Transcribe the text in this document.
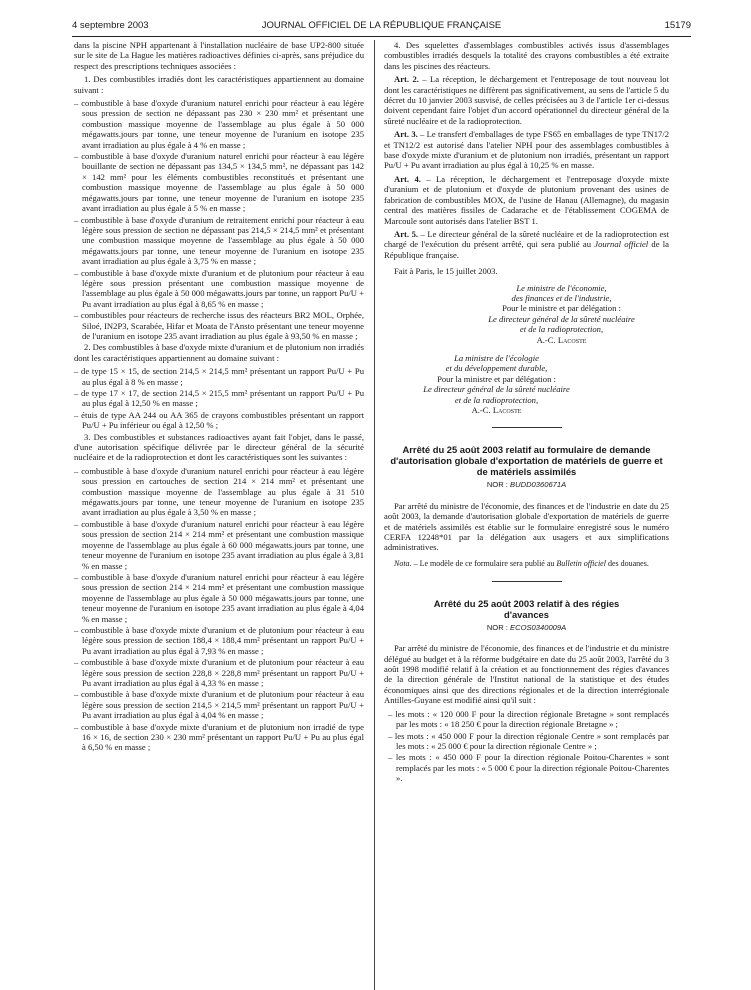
4 septembre 2003	JOURNAL OFFICIEL DE LA RÉPUBLIQUE FRANÇAISE	15179

dans la piscine NPH appartenant à l'installation nucléaire de base UP2-800 située sur le site de La Hague les matières radioactives définies ci-après, sans préjudice du respect des prescriptions techniques associées :

1. Des combustibles irradiés dont les caractéristiques appartiennent au domaine suivant :

– combustible à base d'oxyde d'uranium naturel enrichi pour réacteur à eau légère sous pression de section ne dépassant pas 230 × 230 mm² et présentant une combustion massique moyenne de l'assemblage au plus égale à 50 000 mégawatts.jours par tonne, une teneur moyenne de l'uranium en isotope 235 avant irradiation au plus égale à 4 % en masse ;
– combustible à base d'oxyde d'uranium naturel enrichi pour réacteur à eau légère bouillante de section ne dépassant pas 134,5 × 134,5 mm², ne dépassant pas 142 × 142 mm² pour les éléments combustibles reconstitués et présentant une combustion massique moyenne de l'assemblage au plus égale à 50 000 mégawatts.jours par tonne, une teneur moyenne de l'uranium en isotope 235 avant irradiation au plus égale à 5 % en masse ;
– combustible à base d'oxyde d'uranium de retraitement enrichi pour réacteur à eau légère sous pression de section ne dépassant pas 214,5 × 214,5 mm² et présentant une combustion massique moyenne de l'assemblage au plus égale à 50 000 mégawatts.jours par tonne, une teneur moyenne de l'uranium en isotope 235 avant irradiation au plus égale à 3,75 % en masse ;
– combustible à base d'oxyde mixte d'uranium et de plutonium pour réacteur à eau légère sous pression présentant une combustion massique moyenne de l'assemblage au plus égale à 50 000 mégawatts.jours par tonne, un rapport Pu/U + Pu avant irradiation au plus égal à 8,65 % en masse ;
– combustibles pour réacteurs de recherche issus des réacteurs BR2 MOL, Orphée, Siloé, IN2P3, Scarabée, Hifar et Moata de l'Ansto présentant une teneur moyenne de l'uranium en isotope 235 avant irradiation au plus égale à 93,50 % en masse ;

2. Des combustibles à base d'oxyde mixte d'uranium et de plutonium non irradiés dont les caractéristiques appartiennent au domaine suivant :

– de type 15 × 15, de section 214,5 × 214,5 mm² présentant un rapport Pu/U + Pu au plus égal à 8 % en masse ;
– de type 17 × 17, de section 214,5 × 215,5 mm² présentant un rapport Pu/U + Pu au plus égal à 12,50 % en masse ;
– étuis de type AA 244 ou AA 365 de crayons combustibles présentant un rapport Pu/U + Pu inférieur ou égal à 12,50 % ;

3. Des combustibles et substances radioactives ayant fait l'objet, dans le passé, d'une autorisation spécifique délivrée par le directeur général de la sécurité nucléaire et de la radioprotection et dont les caractéristiques sont les suivantes :

– combustible à base d'oxyde d'uranium naturel enrichi pour réacteur à eau légère sous pression en cartouches de section 214 × 214 mm² et présentant une combustion massique moyenne de l'assemblage au plus égale à 31 510 mégawatts.jours par tonne, une teneur moyenne de l'uranium en isotope 235 avant irradiation au plus égale à 3,50 % en masse ;
– combustible à base d'oxyde d'uranium naturel enrichi pour réacteur à eau légère sous pression de section 214 × 214 mm² et présentant une combustion massique moyenne de l'assemblage au plus égale à 60 000 mégawatts.jours par tonne, une teneur moyenne de l'uranium en isotope 235 avant irradiation au plus égale à 3,81 % en masse ;
– combustible à base d'oxyde d'uranium naturel enrichi pour réacteur à eau légère sous pression de section 214 × 214 mm² et présentant une combustion massique moyenne de l'assemblage au plus égale à 50 000 mégawatts.jours par tonne, une teneur moyenne de l'uranium en isotope 235 avant irradiation au plus égale à 4,04 % en masse ;
– combustible à base d'oxyde mixte d'uranium et de plutonium pour réacteur à eau légère sous pression de section 188,4 × 188,4 mm² présentant un rapport Pu/U + Pu avant irradiation au plus égal à 7,93 % en masse ;
– combustible à base d'oxyde mixte d'uranium et de plutonium pour réacteur à eau légère sous pression de section 228,8 × 228,8 mm² présentant un rapport Pu/U + Pu avant irradiation au plus égal à 4,33 % en masse ;
– combustible à base d'oxyde mixte d'uranium et de plutonium pour réacteur à eau légère sous pression de section 214,5 × 214,5 mm² présentant un rapport Pu/U + Pu avant irradiation au plus égal à 4,04 % en masse ;
– combustible à base d'oxyde mixte d'uranium et de plutonium non irradié de type 16 × 16, de section 230 × 230 mm² présentant un rapport Pu/U + Pu au plus égal à 6,50 % en masse ;

4. Des squelettes d'assemblages combustibles activés issus d'assemblages combustibles irradiés desquels la totalité des crayons combustibles a été extraite dans les piscines des réacteurs.

Art. 2. – La réception, le déchargement et l'entreposage de tout nouveau lot dont les caractéristiques ne diffèrent pas significativement, au sens de l'article 5 du décret du 10 janvier 2003 susvisé, de celles précisées au 3 de l'article 1er ci-dessus doivent cependant faire l'objet d'un accord opérationnel du directeur général de la sûreté nucléaire et de la radioprotection.

Art. 3. – Le transfert d'emballages de type FS65 en emballages de type TN17/2 et TN12/2 est autorisé dans l'atelier NPH pour des assemblages combustibles à base d'oxyde mixte d'uranium et de plutonium non irradiés, présentant un rapport Pu/U + Pu avant irradiation au plus égal à 10,25 % en masse.

Art. 4. – La réception, le déchargement et l'entreposage d'oxyde mixte d'uranium et de plutonium et d'oxyde de plutonium provenant des usines de fabrication de combustibles MOX, de l'usine de Hanau (Allemagne), du magasin central des matières fissiles de Cadarache et de l'établissement COGEMA de Marcoule sont autorisés dans l'atelier BST 1.

Art. 5. – Le directeur général de la sûreté nucléaire et de la radioprotection est chargé de l'exécution du présent arrêté, qui sera publié au Journal officiel de la République française.

Fait à Paris, le 15 juillet 2003.

Le ministre de l'économie,

des finances et de l'industrie,

Pour le ministre et par délégation :

Le directeur général de la sûreté nucléaire

et de la radioprotection,

A.-C. Lacoste

La ministre de l'écologie

et du développement durable,

Pour la ministre et par délégation :

Le directeur général de la sûreté nucléaire

et de la radioprotection,

A.-C. Lacoste

Arrêté du 25 août 2003 relatif au formulaire de demande d'autorisation globale d'exportation de matériels de guerre et de matériels assimilés
NOR : BUDD0360671A

Par arrêté du ministre de l'économie, des finances et de l'industrie en date du 25 août 2003, la demande d'autorisation globale d'exportation de matériels de guerre et de matériels assimilés est établie sur le formulaire enregistré sous le numéro CERFA 12248*01 par la délégation aux usagers et aux simplifications administratives.

Nota. – Le modèle de ce formulaire sera publié au Bulletin officiel des douanes.

Arrêté du 25 août 2003 relatif à des régies d'avances
NOR : ECOS0340009A

Par arrêté du ministre de l'économie, des finances et de l'industrie et du ministre délégué au budget et à la réforme budgétaire en date du 25 août 2003, l'arrêté du 3 août 1998 modifié relatif à la création et au fonctionnement des régies d'avances de la direction générale de l'Institut national de la statistique et des études économiques ainsi que des directions régionales et de la direction interrégionale Antilles-Guyane est modifié ainsi qu'il suit :

– les mots : « 120 000 F pour la direction régionale Bretagne » sont remplacés par les mots : « 18 250 € pour la direction régionale Bretagne » ;
– les mots : « 450 000 F pour la direction régionale Centre » sont remplacés par les mots : « 25 000 € pour la direction régionale Centre » ;
– les mots : « 450 000 F pour la direction régionale Poitou-Charentes » sont remplacés par les mots : « 5 000 € pour la direction régionale Poitou-Charentes ».
